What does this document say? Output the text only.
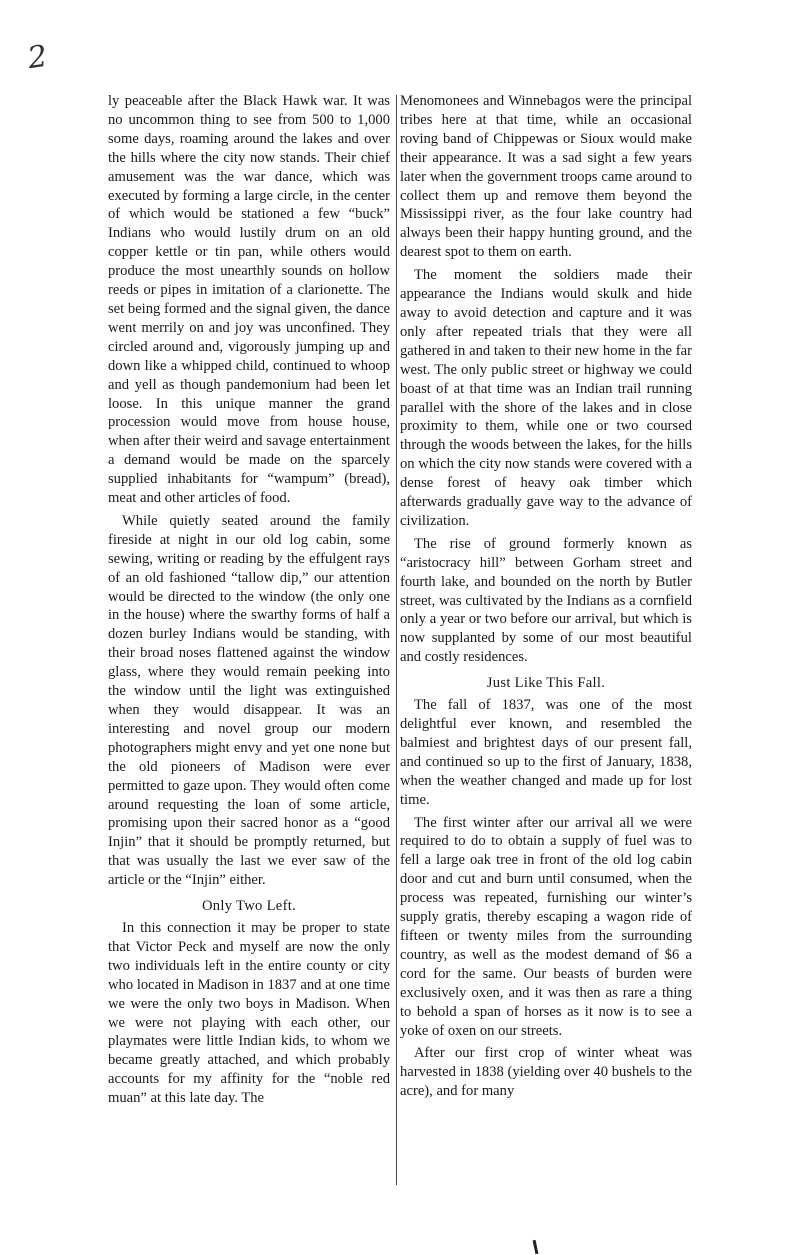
2

ly peaceable after the Black Hawk war. It was no uncommon thing to see from 500 to 1,000 some days, roaming around the lakes and over the hills where the city now stands. Their chief amusement was the war dance, which was executed by forming a large circle, in the center of which would be stationed a few “buck” Indians who would lustily drum on an old copper kettle or tin pan, while others would produce the most unearthly sounds on hollow reeds or pipes in imitation of a clarionette. The set being formed and the signal given, the dance went merrily on and joy was unconfined. They circled around and, vigorously jumping up and down like a whipped child, continued to whoop and yell as though pandemonium had been let loose. In this unique manner the grand procession would move from house house, when after their weird and savage entertainment a demand would be made on the sparcely supplied inhabitants for “wampum” (bread), meat and other articles of food.

While quietly seated around the family fireside at night in our old log cabin, some sewing, writing or reading by the effulgent rays of an old fashioned “tallow dip,” our attention would be directed to the window (the only one in the house) where the swarthy forms of half a dozen burley Indians would be standing, with their broad noses flattened against the window glass, where they would remain peeking into the window until the light was extinguished when they would disappear. It was an interesting and novel group our modern photographers might envy and yet one none but the old pioneers of Madison were ever permitted to gaze upon. They would often come around requesting the loan of some article, promising upon their sacred honor as a “good Injin” that it should be promptly returned, but that was usually the last we ever saw of the article or the “Injin” either.

Only Two Left.

In this connection it may be proper to state that Victor Peck and myself are now the only two individuals left in the entire county or city who located in Madison in 1837 and at one time we were the only two boys in Madison. When we were not playing with each other, our playmates were little Indian kids, to whom we became greatly attached, and which probably accounts for my affinity for the “noble red muan” at this late day. The

Menomonees and Winnebagos were the principal tribes here at that time, while an occasional roving band of Chippewas or Sioux would make their appearance. It was a sad sight a few years later when the government troops came around to collect them up and remove them beyond the Mississippi river, as the four lake country had always been their happy hunting ground, and the dearest spot to them on earth.

The moment the soldiers made their appearance the Indians would skulk and hide away to avoid detection and capture and it was only after repeated trials that they were all gathered in and taken to their new home in the far west. The only public street or highway we could boast of at that time was an Indian trail running parallel with the shore of the lakes and in close proximity to them, while one or two coursed through the woods between the lakes, for the hills on which the city now stands were covered with a dense forest of heavy oak timber which afterwards gradually gave way to the advance of civilization.

The rise of ground formerly known as “aristocracy hill” between Gorham street and fourth lake, and bounded on the north by Butler street, was cultivated by the Indians as a cornfield only a year or two before our arrival, but which is now supplanted by some of our most beautiful and costly residences.

Just Like This Fall.

The fall of 1837, was one of the most delightful ever known, and resembled the balmiest and brightest days of our present fall, and continued so up to the first of January, 1838, when the weather changed and made up for lost time.

The first winter after our arrival all we were required to do to obtain a supply of fuel was to fell a large oak tree in front of the old log cabin door and cut and burn until consumed, when the process was repeated, furnishing our winter’s supply gratis, thereby escaping a wagon ride of fifteen or twenty miles from the surrounding country, as well as the modest demand of $6 a cord for the same. Our beasts of burden were exclusively oxen, and it was then as rare a thing to behold a span of horses as it now is to see a yoke of oxen on our streets.

After our first crop of winter wheat was harvested in 1838 (yielding over 40 bushels to the acre), and for many
